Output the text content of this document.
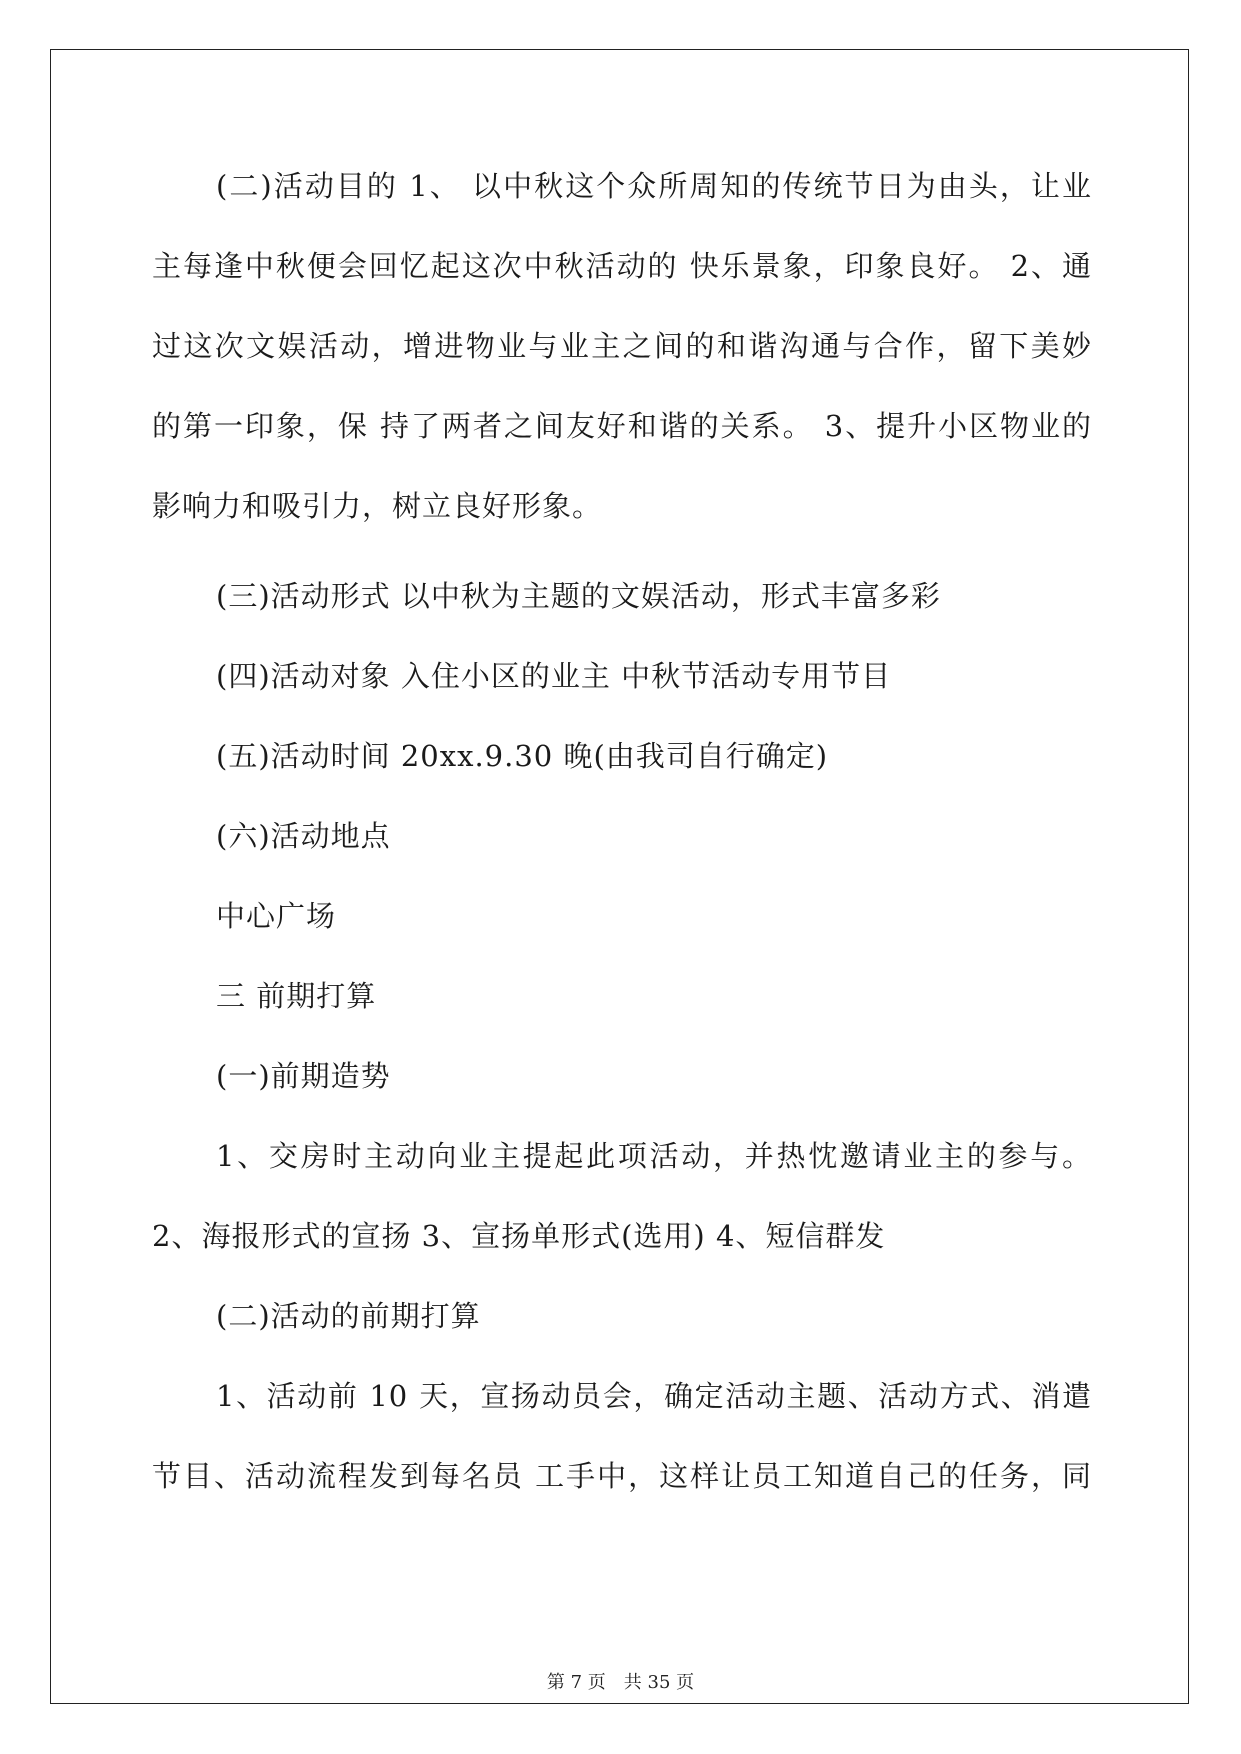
(二)活动目的 1、 以中秋这个众所周知的传统节日为由头，让业
主每逢中秋便会回忆起这次中秋活动的 快乐景象，印象良好。 2、通
过这次文娱活动，增进物业与业主之间的和谐沟通与合作，留下美妙
的第一印象，保 持了两者之间友好和谐的关系。 3、提升小区物业的
影响力和吸引力，树立良好形象。
(三)活动形式 以中秋为主题的文娱活动，形式丰富多彩
(四)活动对象 入住小区的业主 中秋节活动专用节目
(五)活动时间 20xx.9.30 晚(由我司自行确定)
(六)活动地点
中心广场
三 前期打算
(一)前期造势
1、交房时主动向业主提起此项活动，并热忱邀请业主的参与。
2、海报形式的宣扬 3、宣扬单形式(选用) 4、短信群发
(二)活动的前期打算
1、活动前 10 天，宣扬动员会，确定活动主题、活动方式、消遣
节目、活动流程发到每名员 工手中，这样让员工知道自己的任务，同
第 7 页　共 35 页
